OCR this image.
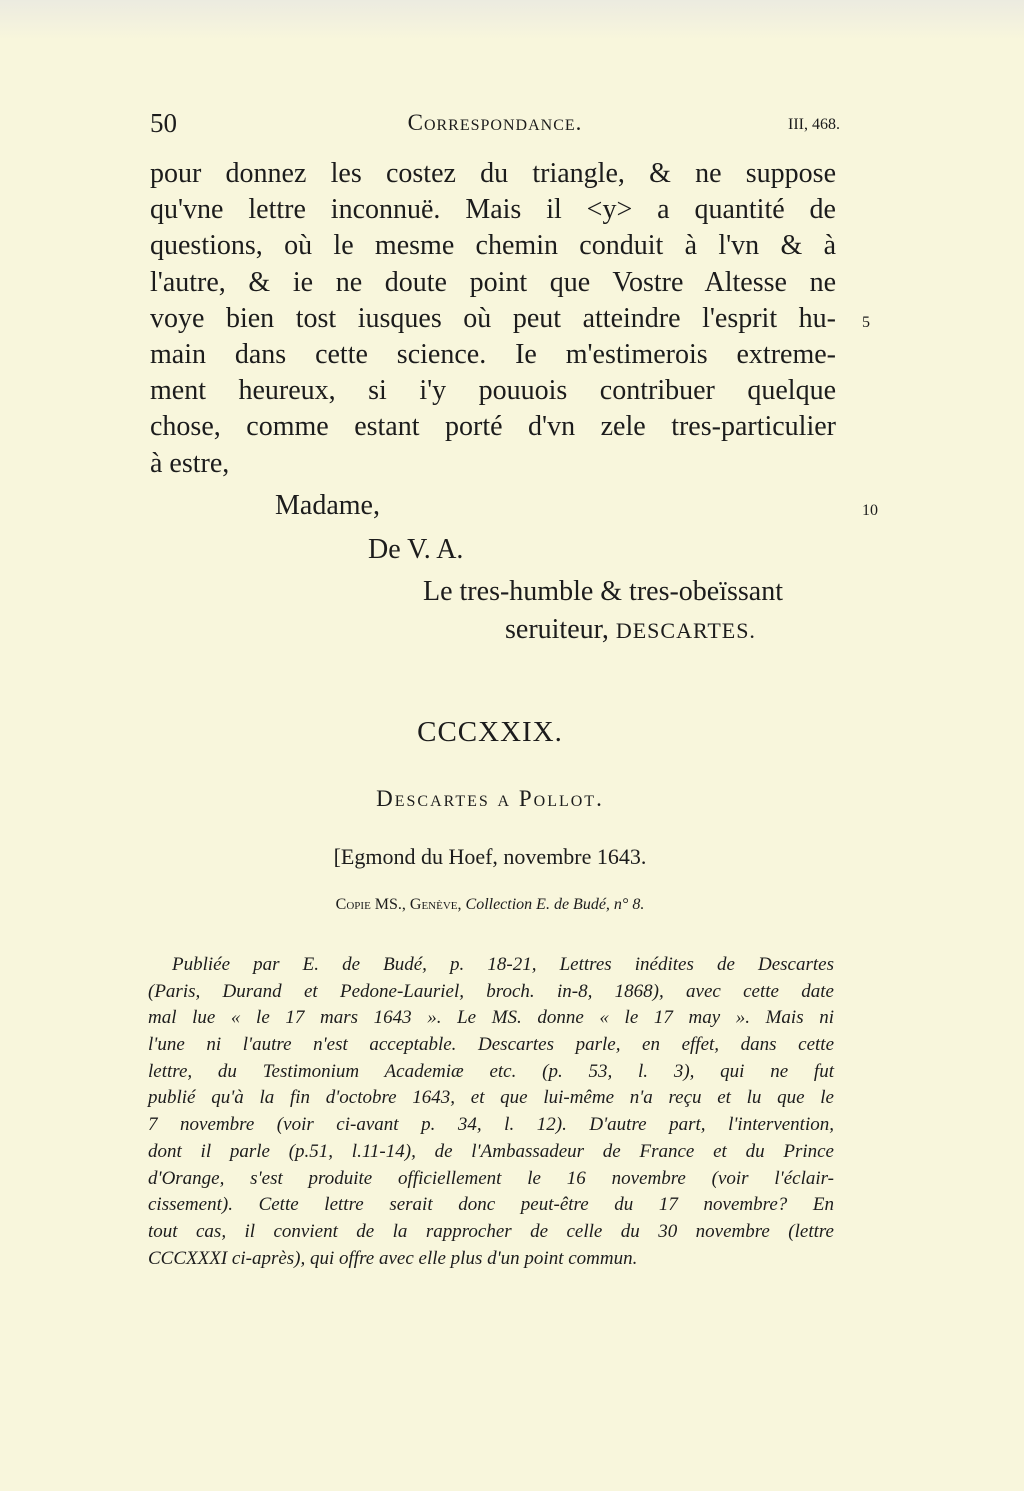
50	Correspondance.	III, 468.
pour donnez les costez du triangle, & ne suppose
qu'vne lettre inconnuë. Mais il <y> a quantité de
questions, où le mesme chemin conduit à l'vn & à
l'autre, & ie ne doute point que Vostre Altesse ne
voye bien tost iusques où peut atteindre l'esprit hu-
main dans cette science. Ie m'estimerois extreme-
ment heureux, si i'y pouuois contribuer quelque
chose, comme estant porté d'vn zele tres-particulier
à estre,
5
10
Madame,
De V. A.
Le tres-humble & tres-obeïssant
seruiteur, DESCARTES.
CCCXXIX.
Descartes a Pollot.
[Egmond du Hoef, novembre 1643.
Copie MS., Genève, Collection E. de Budé, n° 8.
Publiée par E. de Budé, p. 18-21, Lettres inédites de Descartes
(Paris, Durand et Pedone-Lauriel, broch. in-8, 1868), avec cette date
mal lue « le 17 mars 1643 ». Le MS. donne « le 17 may ». Mais ni
l'une ni l'autre n'est acceptable. Descartes parle, en effet, dans cette
lettre, du Testimonium Academiæ etc. (p. 53, l. 3), qui ne fut
publié qu'à la fin d'octobre 1643, et que lui-même n'a reçu et lu que le
7 novembre (voir ci-avant p. 34, l. 12). D'autre part, l'intervention,
dont il parle (p.51, l.11-14), de l'Ambassadeur de France et du Prince
d'Orange, s'est produite officiellement le 16 novembre (voir l'éclair-
cissement). Cette lettre serait donc peut-être du 17 novembre? En
tout cas, il convient de la rapprocher de celle du 30 novembre (lettre
CCCXXXI ci-après), qui offre avec elle plus d'un point commun.
